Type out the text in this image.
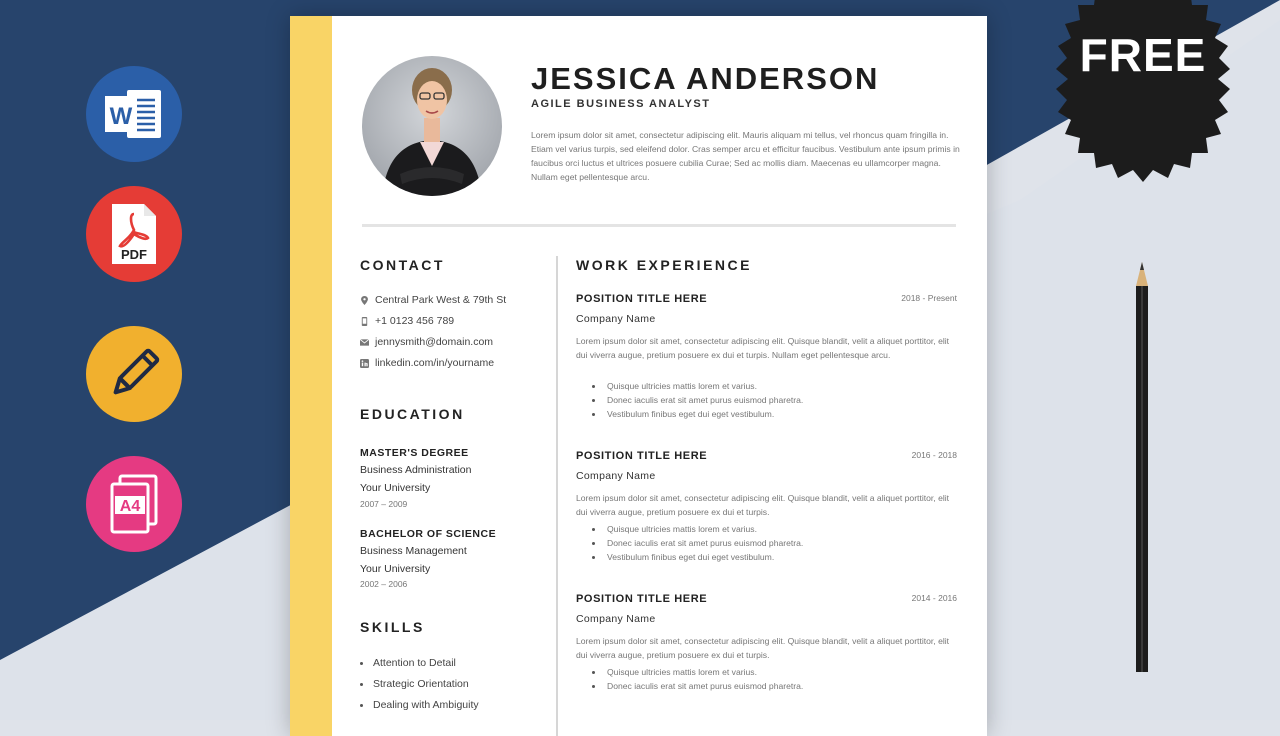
W
PDF
A4
FREE
JESSICA ANDERSON
AGILE BUSINESS ANALYST
Lorem ipsum dolor sit amet, consectetur adipiscing elit. Mauris aliquam mi tellus, vel rhoncus quam fringilla in. Etiam vel varius turpis, sed eleifend dolor. Cras semper arcu et efficitur faucibus. Vestibulum ante ipsum primis in faucibus orci luctus et ultrices posuere cubilia Curae; Sed ac mollis diam. Maecenas eu ullamcorper magna. Nullam eget pellentesque arcu.
CONTACT
Central Park West & 79th St
+1 0123 456 789
jennysmith@domain.com
linkedin.com/in/yourname
EDUCATION
MASTER'S DEGREE
Business Administration
Your University
2007 – 2009
BACHELOR OF SCIENCE
Business Management
Your University
2002 – 2006
SKILLS
Attention to Detail
Strategic Orientation
Dealing with Ambiguity
WORK EXPERIENCE
POSITION TITLE HERE	2018 - Present
Company Name
Lorem ipsum dolor sit amet, consectetur adipiscing elit. Quisque blandit, velit a aliquet porttitor, elit dui viverra augue, pretium posuere ex dui et turpis. Nullam eget pellentesque arcu.
Quisque ultricies mattis lorem et varius.
Donec iaculis erat sit amet purus euismod pharetra.
Vestibulum finibus eget dui eget vestibulum.
POSITION TITLE HERE	2016 - 2018
Company Name
Lorem ipsum dolor sit amet, consectetur adipiscing elit. Quisque blandit, velit a aliquet porttitor, elit dui viverra augue, pretium posuere ex dui et turpis.
Quisque ultricies mattis lorem et varius.
Donec iaculis erat sit amet purus euismod pharetra.
Vestibulum finibus eget dui eget vestibulum.
POSITION TITLE HERE	2014 - 2016
Company Name
Lorem ipsum dolor sit amet, consectetur adipiscing elit. Quisque blandit, velit a aliquet porttitor, elit dui viverra augue, pretium posuere ex dui et turpis.
Quisque ultricies mattis lorem et varius.
Donec iaculis erat sit amet purus euismod pharetra.
